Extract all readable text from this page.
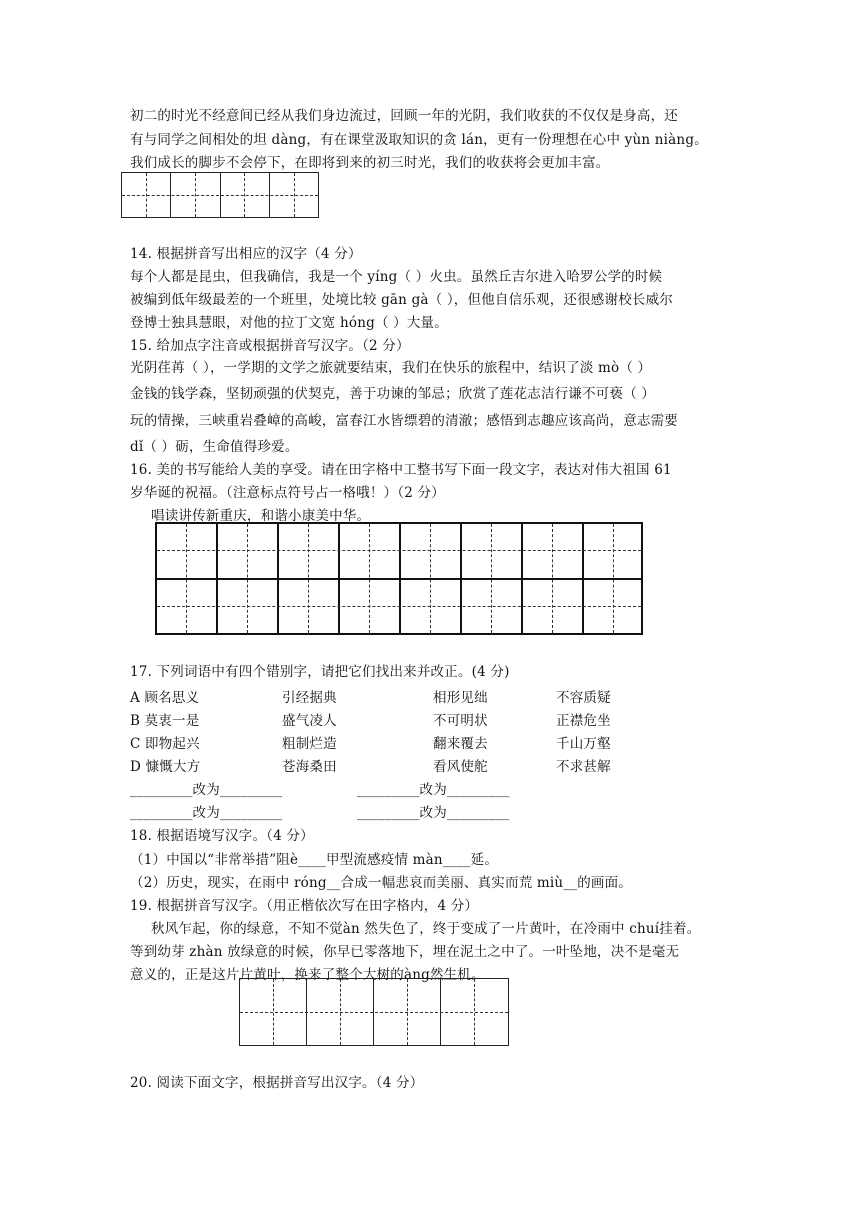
初二的时光不经意间已经从我们身边流过，回顾一年的光阴，我们收获的不仅仅是身高，还
有与同学之间相处的坦 dàng，有在课堂汲取知识的贪 lán，更有一份理想在心中 yùn niàng。
我们成长的脚步不会停下，在即将到来的初三时光，我们的收获将会更加丰富。
14. 根据拼音写出相应的汉字（4 分）
每个人都是昆虫，但我确信，我是一个 yíng（ ）火虫。虽然丘吉尔进入哈罗公学的时候
被编到低年级最差的一个班里，处境比较 gān gà（ ），但他自信乐观，还很感谢校长威尔
登博士独具慧眼，对他的拉丁文宽 hóng（ ）大量。
15. 给加点字注音或根据拼音写汉字。（2 分）
光阴荏苒（ ），一学期的文学之旅就要结束，我们在快乐的旅程中，结识了淡 mò（ ）
金钱的钱学森，坚韧顽强的伏契克，善于功谏的邹忌；欣赏了莲花志洁行谦不可亵（ ）
玩的情操，三峡重岩叠嶂的高峻，富春江水皆缥碧的清澈；感悟到志趣应该高尚，意志需要
dǐ（ ）砺，生命值得珍爱。
16. 美的书写能给人美的享受。请在田字格中工整书写下面一段文字，表达对伟大祖国 61
岁华诞的祝福。（注意标点符号占一格哦！）（2 分）
唱读讲传新重庆，和谐小康美中华。
17. 下列词语中有四个错别字，请把它们找出来并改正。(4 分)
A 顾名思义	引经据典	相形见绌	不容质疑
B 莫衷一是	盛气凌人	不可明状	正襟危坐
C 即物起兴	粗制烂造	翻来覆去	千山万壑
D 慷慨大方	苍海桑田	看风使舵	不求甚解
_________改为_________	_________改为_________
_________改为_________	_________改为_________
18. 根据语境写汉字。（4 分）
（1）中国以“非常举措”阻è____甲型流感疫情 màn____延。
（2）历史，现实，在雨中 róng__合成一幅悲哀而美丽、真实而荒 miù__的画面。
19. 根据拼音写汉字。（用正楷依次写在田字格内，4 分）
秋风乍起，你的绿意，不知不觉àn 然失色了，终于变成了一片黄叶，在冷雨中 chuí挂着。
等到幼芽 zhàn 放绿意的时候，你早已零落地下，埋在泥土之中了。一叶坠地，决不是毫无
意义的，正是这片片黄叶，换来了整个大树的àng然生机。
20. 阅读下面文字，根据拼音写出汉字。（4 分）
